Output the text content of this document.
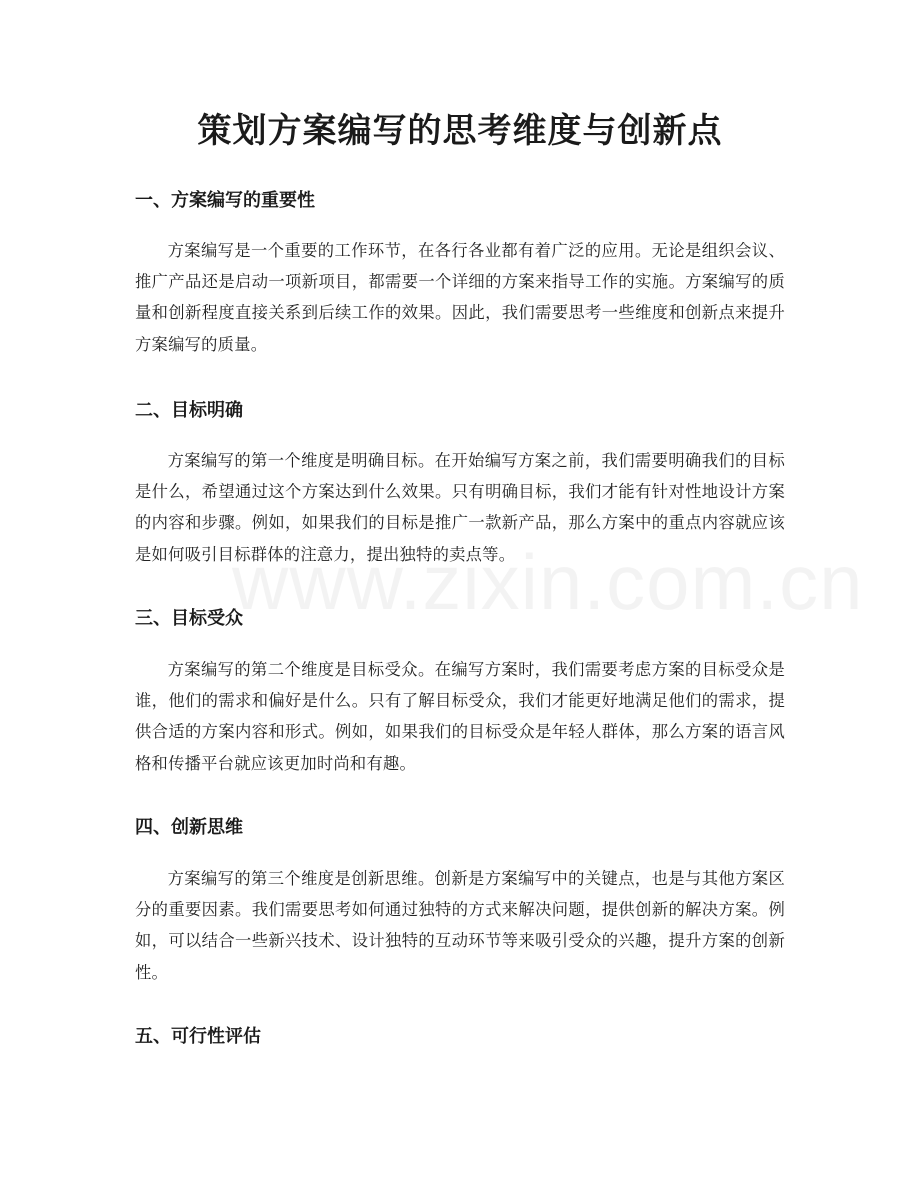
策划方案编写的思考维度与创新点
一、方案编写的重要性

方案编写是一个重要的工作环节，在各行各业都有着广泛的应用。无论是组织会议、推广产品还是启动一项新项目，都需要一个详细的方案来指导工作的实施。方案编写的质量和创新程度直接关系到后续工作的效果。因此，我们需要思考一些维度和创新点来提升方案编写的质量。

二、目标明确

方案编写的第一个维度是明确目标。在开始编写方案之前，我们需要明确我们的目标是什么，希望通过这个方案达到什么效果。只有明确目标，我们才能有针对性地设计方案的内容和步骤。例如，如果我们的目标是推广一款新产品，那么方案中的重点内容就应该是如何吸引目标群体的注意力，提出独特的卖点等。

三、目标受众

方案编写的第二个维度是目标受众。在编写方案时，我们需要考虑方案的目标受众是谁，他们的需求和偏好是什么。只有了解目标受众，我们才能更好地满足他们的需求，提供合适的方案内容和形式。例如，如果我们的目标受众是年轻人群体，那么方案的语言风格和传播平台就应该更加时尚和有趣。

四、创新思维

方案编写的第三个维度是创新思维。创新是方案编写中的关键点，也是与其他方案区分的重要因素。我们需要思考如何通过独特的方式来解决问题，提供创新的解决方案。例如，可以结合一些新兴技术、设计独特的互动环节等来吸引受众的兴趣，提升方案的创新性。

五、可行性评估
